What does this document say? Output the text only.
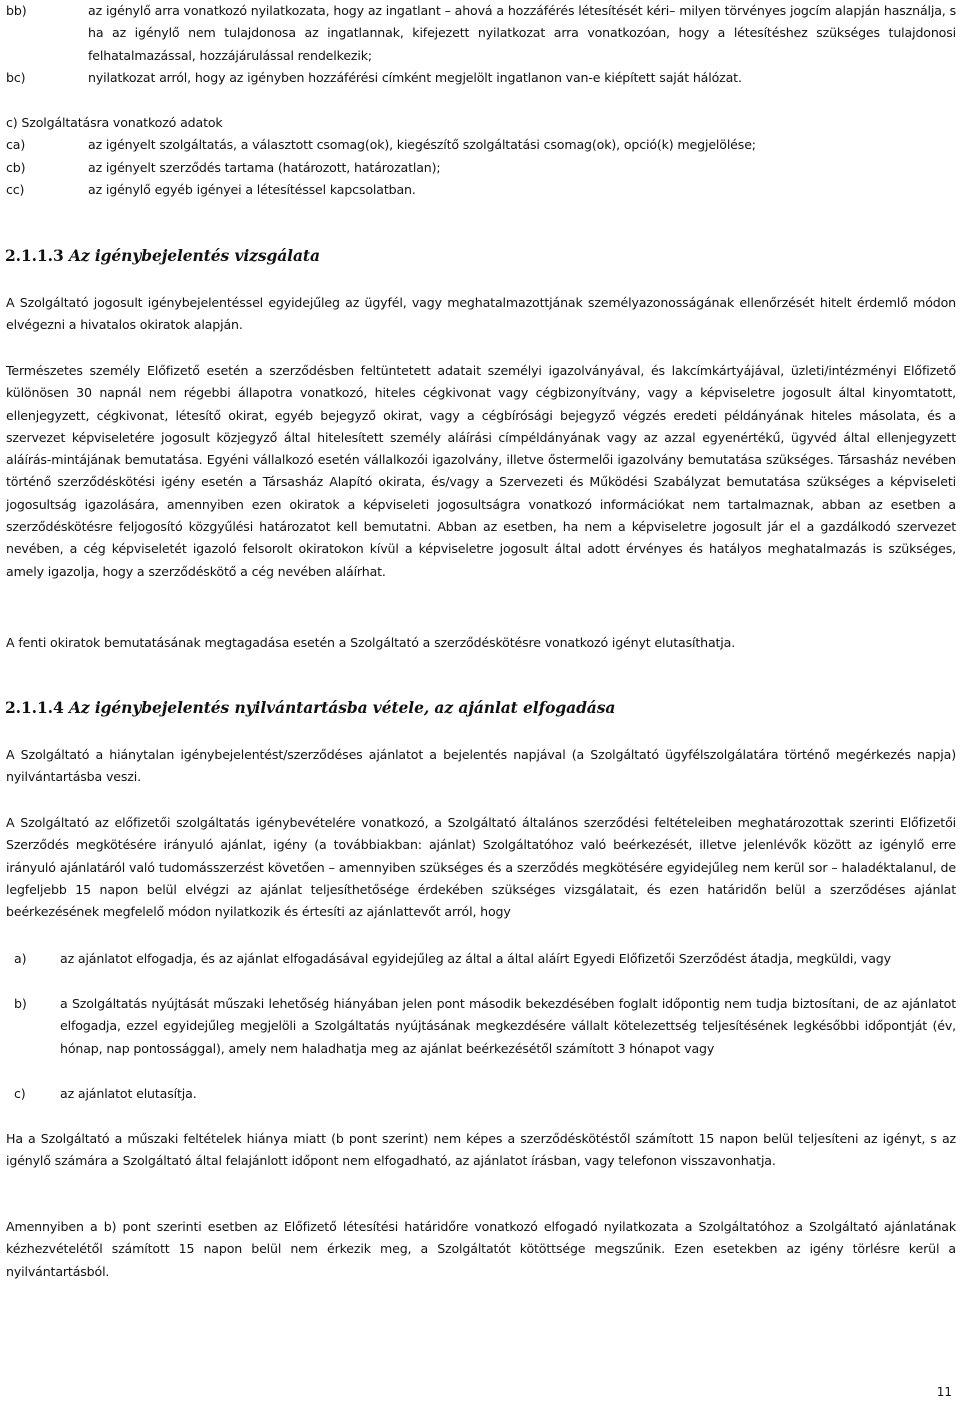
bb)	az igénylő arra vonatkozó nyilatkozata, hogy az ingatlant – ahová a hozzáférés létesítését kéri– milyen törvényes jogcím alapján használja, s ha az igénylő nem tulajdonosa az ingatlannak, kifejezett nyilatkozat arra vonatkozóan, hogy a létesítéshez szükséges tulajdonosi felhatalmazással, hozzájárulással rendelkezik;
bc)	nyilatkozat arról, hogy az igényben hozzáférési címként megjelölt ingatlanon van-e kiépített saját hálózat.
c) Szolgáltatásra vonatkozó adatok
ca)	az igényelt szolgáltatás, a választott csomag(ok), kiegészítő szolgáltatási csomag(ok), opció(k) megjelölése;
cb)	az igényelt szerződés tartama (határozott, határozatlan);
cc)	az igénylő egyéb igényei a létesítéssel kapcsolatban.
2.1.1.3 Az igénybejelentés vizsgálata
A Szolgáltató jogosult igénybejelentéssel egyidejűleg az ügyfél, vagy meghatalmazottjának személyazonosságának ellenőrzését hitelt érdemlő módon elvégezni a hivatalos okiratok alapján.
Természetes személy Előfizető esetén a szerződésben feltüntetett adatait személyi igazolványával, és lakcímkártyájával, üzleti/intézményi Előfizető különösen 30 napnál nem régebbi állapotra vonatkozó, hiteles cégkivonat vagy cégbizonyítvány, vagy a képviseletre jogosult által kinyomtatott, ellenjegyzett, cégkivonat, létesítő okirat, egyéb bejegyző okirat, vagy a cégbírósági bejegyző végzés eredeti példányának hiteles másolata, és a szervezet képviseletére jogosult közjegyző által hitelesített személy aláírási címpéldányának vagy az azzal egyenértékű, ügyvéd által ellenjegyzett aláírás-mintájának bemutatása. Egyéni vállalkozó esetén vállalkozói igazolvány, illetve őstermelői igazolvány bemutatása szükséges. Társasház nevében történő szerződéskötési igény esetén a Társasház Alapító okirata, és/vagy a Szervezeti és Működési Szabályzat bemutatása szükséges a képviseleti jogosultság igazolására, amennyiben ezen okiratok a képviseleti jogosultságra vonatkozó információkat nem tartalmaznak, abban az esetben a szerződéskötésre feljogosító közgyűlési határozatot kell bemutatni. Abban az esetben, ha nem a képviseletre jogosult jár el a gazdálkodó szervezet nevében, a cég képviseletét igazoló felsorolt okiratokon kívül a képviseletre jogosult által adott érvényes és hatályos meghatalmazás is szükséges, amely igazolja, hogy a szerződéskötő a cég nevében aláírhat.
A fenti okiratok bemutatásának megtagadása esetén a Szolgáltató a szerződéskötésre vonatkozó igényt elutasíthatja.
2.1.1.4 Az igénybejelentés nyilvántartásba vétele, az ajánlat elfogadása
A Szolgáltató a hiánytalan igénybejelentést/szerződéses ajánlatot a bejelentés napjával (a Szolgáltató ügyfélszolgálatára történő megérkezés napja) nyilvántartásba veszi.
A Szolgáltató az előfizetői szolgáltatás igénybevételére vonatkozó, a Szolgáltató általános szerződési feltételeiben meghatározottak szerinti Előfizetői Szerződés megkötésére irányuló ajánlat, igény (a továbbiakban: ajánlat) Szolgáltatóhoz való beérkezését, illetve jelenlévők között az igénylő erre irányuló ajánlatáról való tudomásszerzést követően – amennyiben szükséges és a szerződés megkötésére egyidejűleg nem kerül sor – haladéktalanul, de legfeljebb 15 napon belül elvégzi az ajánlat teljesíthetősége érdekében szükséges vizsgálatait, és ezen határidőn belül a szerződéses ajánlat beérkezésének megfelelő módon nyilatkozik és értesíti az ajánlattevőt arról, hogy
a)	az ajánlatot elfogadja, és az ajánlat elfogadásával egyidejűleg az által a által aláírt Egyedi Előfizetői Szerződést átadja, megküldi, vagy
b)	a Szolgáltatás nyújtását műszaki lehetőség hiányában jelen pont második bekezdésében foglalt időpontig nem tudja biztosítani, de az ajánlatot elfogadja, ezzel egyidejűleg megjelöli a Szolgáltatás nyújtásának megkezdésére vállalt kötelezettség teljesítésének legkésőbbi időpontját (év, hónap, nap pontossággal), amely nem haladhatja meg az ajánlat beérkezésétől számított 3 hónapot vagy
c)	az ajánlatot elutasítja.
Ha a Szolgáltató a műszaki feltételek hiánya miatt (b pont szerint) nem képes a szerződéskötéstől számított 15 napon belül teljesíteni az igényt, s az igénylő számára a Szolgáltató által felajánlott időpont nem elfogadható, az ajánlatot írásban, vagy telefonon visszavonhatja.
Amennyiben a b) pont szerinti esetben az Előfizető létesítési határidőre vonatkozó elfogadó nyilatkozata a Szolgáltatóhoz a Szolgáltató ajánlatának kézhezvételétől számított 15 napon belül nem érkezik meg, a Szolgáltatót kötöttsége megszűnik. Ezen esetekben az igény törlésre kerül a nyilvántartásból.
11
